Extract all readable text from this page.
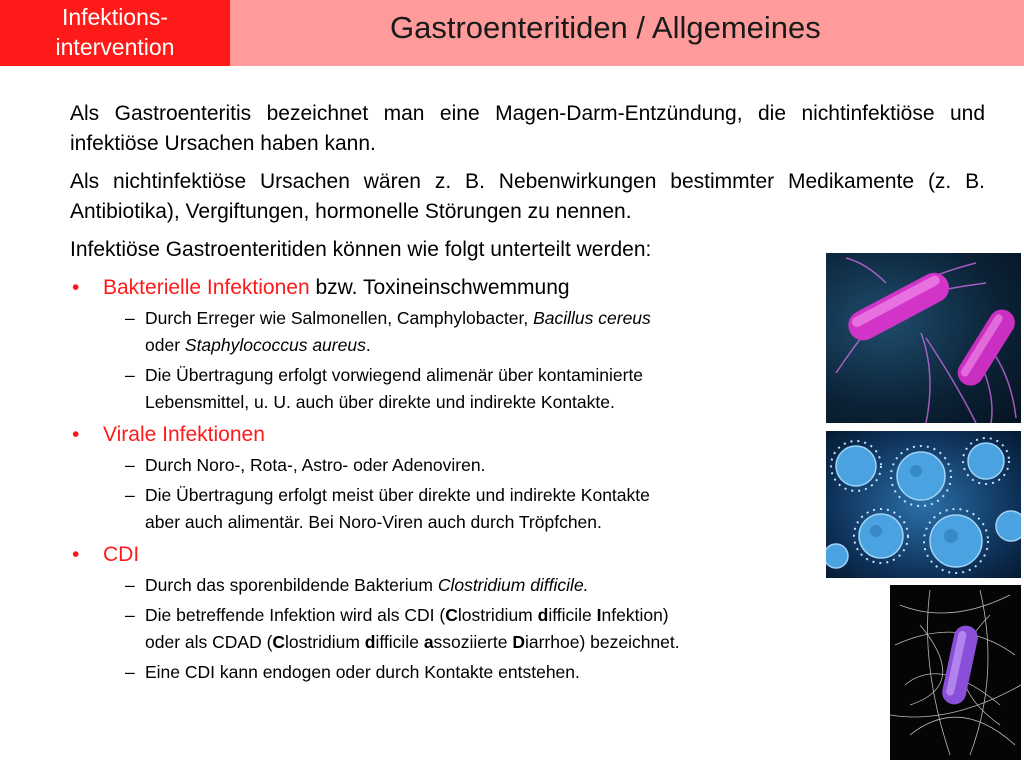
Infektions-
intervention
Gastroenteritiden / Allgemeines

Als Gastroenteritis bezeichnet man eine Magen-Darm-Entzündung, die nichtinfektiöse und infektiöse Ursachen haben kann.

Als nichtinfektiöse Ursachen wären z. B. Nebenwirkungen bestimmter Medikamente (z. B. Antibiotika), Vergiftungen, hormonelle Störungen zu nennen.

Infektiöse Gastroenteritiden können wie folgt unterteilt werden:

• Bakterielle Infektionen bzw. Toxineinschwemmung
– Durch Erreger wie Salmonellen, Camphylobacter, Bacillus cereus
oder Staphylococcus aureus.
– Die Übertragung erfolgt vorwiegend alimenär über kontaminierte
Lebensmittel, u. U. auch über direkte und indirekte Kontakte.
• Virale Infektionen
– Durch Noro-, Rota-, Astro- oder Adenoviren.
– Die Übertragung erfolgt meist über direkte und indirekte Kontakte
aber auch alimentär. Bei Noro-Viren auch durch Tröpfchen.
• CDI
– Durch das sporenbildende Bakterium Clostridium difficile.
– Die betreffende Infektion wird als CDI (Clostridium difficile Infektion)
oder als CDAD (Clostridium difficile assoziierte Diarrhoe) bezeichnet.
– Eine CDI kann endogen oder durch Kontakte entstehen.
